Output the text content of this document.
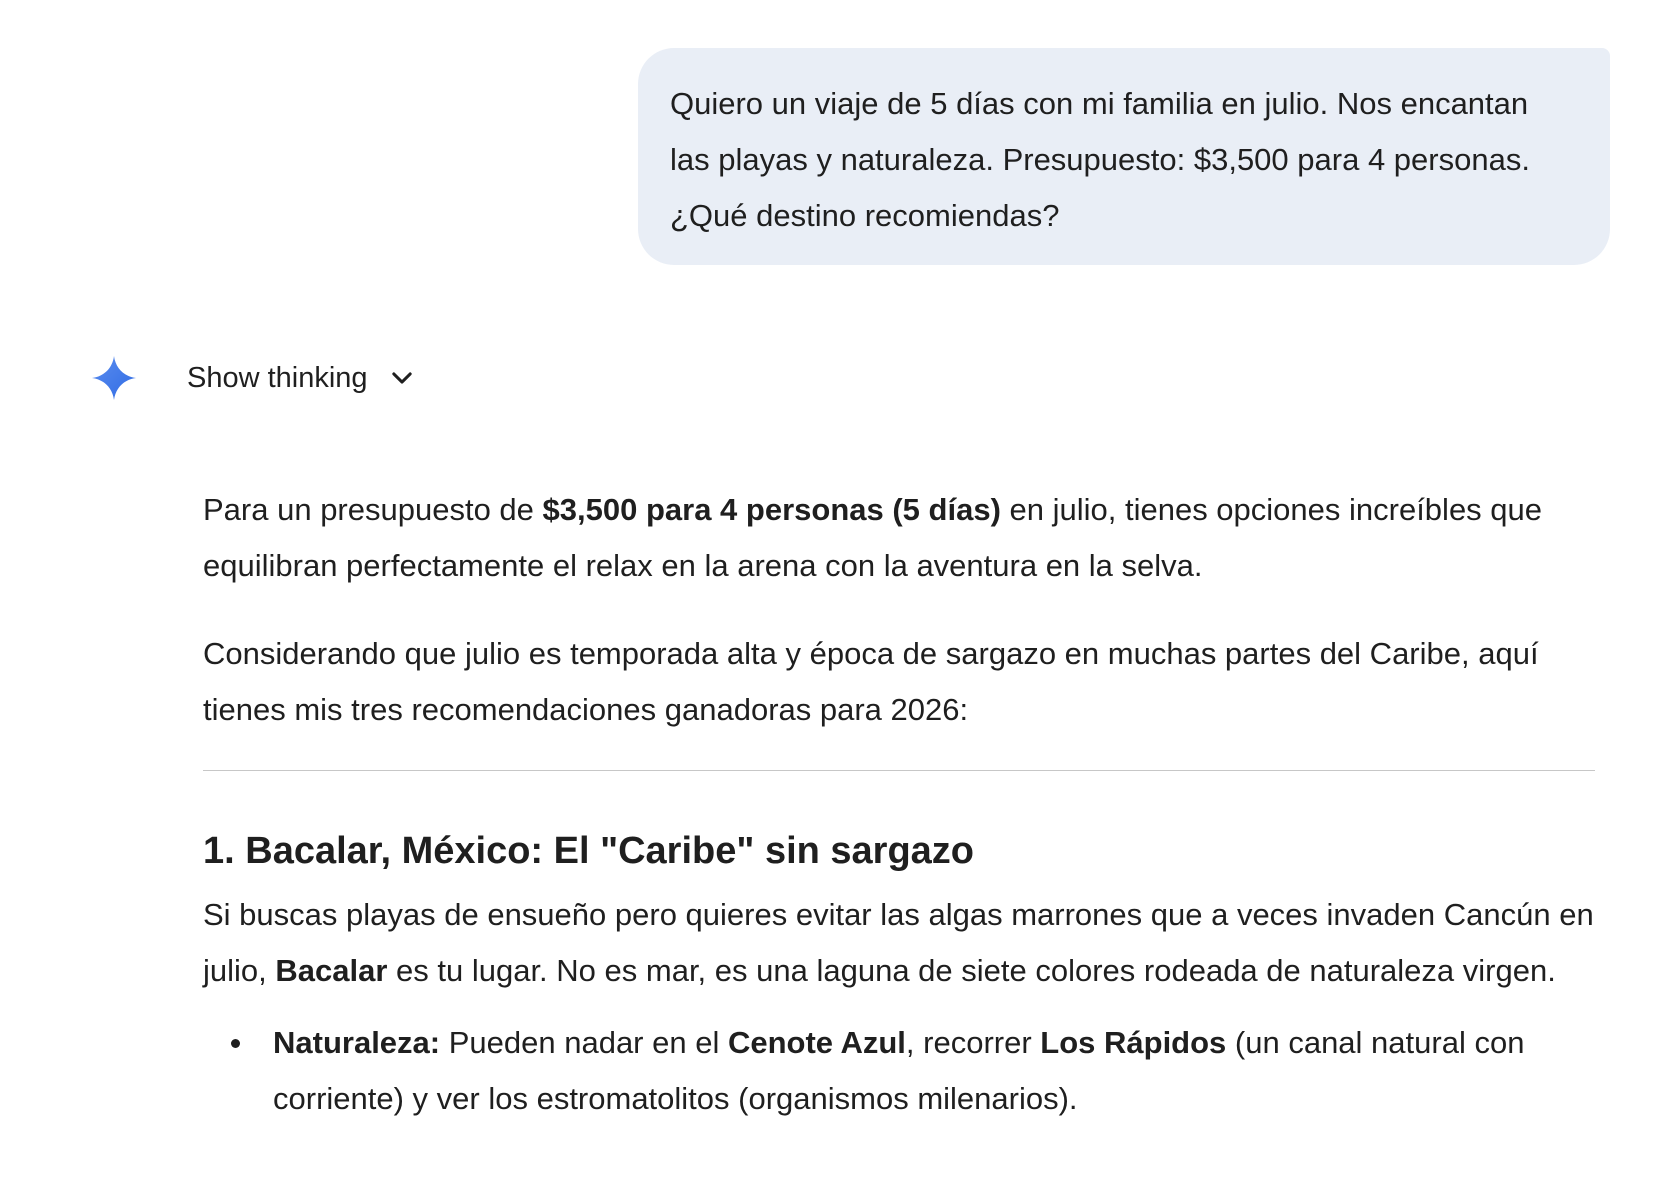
Quiero un viaje de 5 días con mi familia en julio. Nos encantan
las playas y naturaleza. Presupuesto: $3,500 para 4 personas.
¿Qué destino recomiendas?

Show thinking

Para un presupuesto de $3,500 para 4 personas (5 días) en julio, tienes opciones increíbles que equilibran perfectamente el relax en la arena con la aventura en la selva.

Considerando que julio es temporada alta y época de sargazo en muchas partes del Caribe, aquí tienes mis tres recomendaciones ganadoras para 2026:

1. Bacalar, México: El "Caribe" sin sargazo

Si buscas playas de ensueño pero quieres evitar las algas marrones que a veces invaden Cancún en julio, Bacalar es tu lugar. No es mar, es una laguna de siete colores rodeada de naturaleza virgen.

Naturaleza: Pueden nadar en el Cenote Azul, recorrer Los Rápidos (un canal natural con corriente) y ver los estromatolitos (organismos milenarios).
